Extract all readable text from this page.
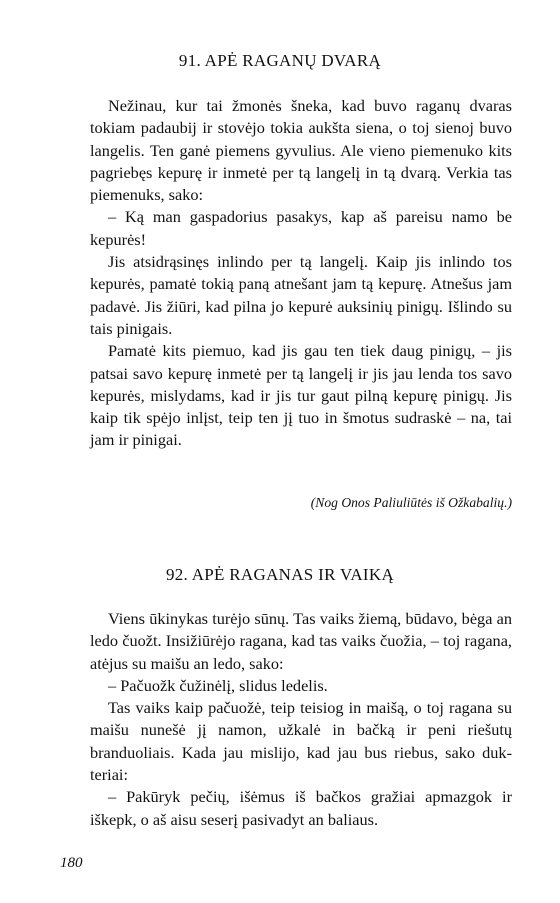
91. APĖ RAGANŲ DVARĄ

Nežinau, kur tai žmonės šneka, kad buvo raganų dvaras tokiam padaubij ir stovėjo tokia aukšta siena, o toj sienoj buvo langelis. Ten ganė piemens gyvulius. Ale vieno piemenuko kits pagriebęs kepurę ir inmetė per tą langelį in tą dvarą. Verkia tas piemenuks, sako:

– Ką man gaspadorius pasakys, kap aš pareisu namo be kepurės!

Jis atsidrąsinęs inlindo per tą langelį. Kaip jis inlindo tos kepurės, pamatė tokią paną atnešant jam tą kepurę. Atnešus jam padavė. Jis žiūri, kad pilna jo kepurė auksinių pinigų. Išlindo su tais pinigais.

Pamatė kits piemuo, kad jis gau ten tiek daug pinigų, – jis patsai savo kepurę inmetė per tą langelį ir jis jau lenda tos savo kepurės, mislydams, kad ir jis tur gaut pilną kepurę pinigų. Jis kaip tik spėjo inlįst, teip ten jį tuo in šmotus sudraskė – na, tai jam ir pinigai.

(Nog Onos Paliuliūtės iš Ožkabalių.)

92. APĖ RAGANAS IR VAIKĄ

Viens ūkinykas turėjo sūnų. Tas vaiks žiemą, būdavo, bėga an ledo čuožt. Insižiūrėjo ragana, kad tas vaiks čuožia, – toj ragana, atėjus su maišu an ledo, sako:

– Pačuožk čužinėlį, slidus ledelis.

Tas vaiks kaip pačuožė, teip teisiog in maišą, o toj ragana su maišu nunešė jį namon, užkalė in bačką ir peni riešutų branduoliais. Kada jau mislijo, kad jau bus riebus, sako dukteriai:

– Pakūryk pečių, išėmus iš bačkos gražiai apmazgok ir iškepk, o aš aisu seserį pasivadyt an baliaus.

180
